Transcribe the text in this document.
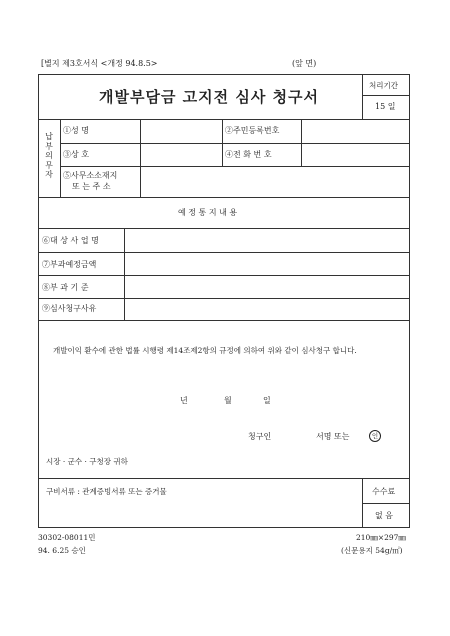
[별지 제3호서식 <개정 94.8.5>	(앞 면)
개발부담금 고지전 심사 청구서
처리기간
15 일
납부의무자
①성 명	②주민등록번호
③상 호	④전 화 번 호
⑤사무소소재지
또 는 주 소
예 정 통 지 내 용
⑥대 상 사 업 명
⑦부과예정금액
⑧부 과 기 준
⑨심사청구사유
개발이익 환수에 관한 법률 시행령 제14조제2항의 규정에 의하여 위와 같이 심사청구 합니다.
년	월	일
청구인	서명 또는	인
시장 · 군수 · 구청장 귀하
구비서류 : 관계증빙서류 또는 증거물	수수료
없 음
30302-08011민
94. 6.25 승인
210㎜×297㎜
(신문용지 54g/㎡)
